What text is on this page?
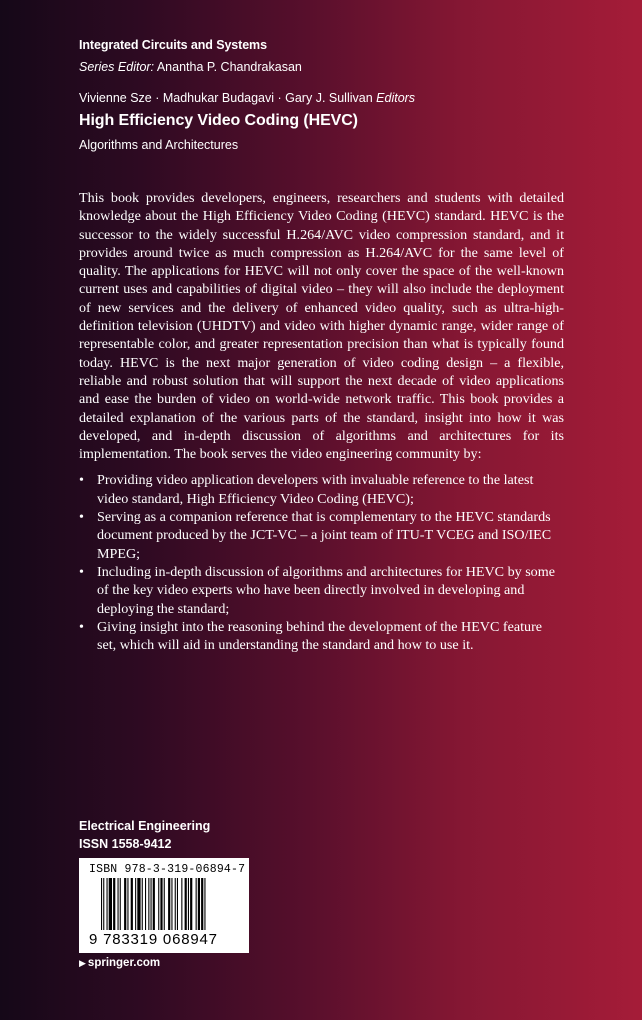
Integrated Circuits and Systems
Series Editor: Anantha P. Chandrakasan
Vivienne Sze · Madhukar Budagavi · Gary J. Sullivan Editors
High Efficiency Video Coding (HEVC)
Algorithms and Architectures

This book provides developers, engineers, researchers and students with detailed knowledge about the High Efficiency Video Coding (HEVC) standard. HEVC is the successor to the widely successful H.264/AVC video compression standard, and it provides around twice as much compression as H.264/AVC for the same level of quality. The applications for HEVC will not only cover the space of the well-known current uses and capabilities of digital video – they will also include the deployment of new services and the delivery of enhanced video quality, such as ultra-high-definition television (UHDTV) and video with higher dynamic range, wider range of representable color, and greater representation precision than what is typically found today. HEVC is the next major generation of video coding design – a flexible, reliable and robust solution that will support the next decade of video applications and ease the burden of video on world-wide network traffic. This book provides a detailed explanation of the various parts of the standard, insight into how it was developed, and in-depth discussion of algorithms and architectures for its implementation. The book serves the video engineering community by:

• Providing video application developers with invaluable reference to the latest video standard, High Efficiency Video Coding (HEVC);
• Serving as a companion reference that is complementary to the HEVC standards document produced by the JCT-VC – a joint team of ITU-T VCEG and ISO/IEC MPEG;
• Including in-depth discussion of algorithms and architectures for HEVC by some of the key video experts who have been directly involved in developing and deploying the standard;
• Giving insight into the reasoning behind the development of the HEVC feature set, which will aid in understanding the standard and how to use it.
Electrical Engineering
ISSN 1558-9412
ISBN 978-3-319-06894-7
9 783319 068947
▶ springer.com
